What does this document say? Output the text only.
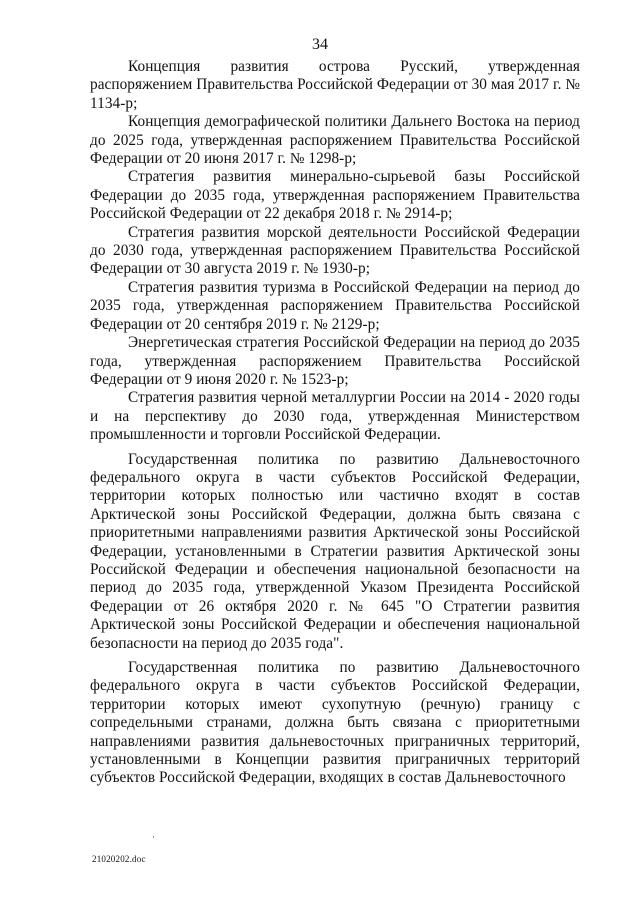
34

Концепция развития острова Русский, утвержденная распоряжением Правительства Российской Федерации от 30 мая 2017 г. № 1134-р;

Концепция демографической политики Дальнего Востока на период до 2025 года, утвержденная распоряжением Правительства Российской Федерации от 20 июня 2017 г. № 1298-р;

Стратегия развития минерально-сырьевой базы Российской Федерации до 2035 года, утвержденная распоряжением Правительства Российской Федерации от 22 декабря 2018 г. № 2914-р;

Стратегия развития морской деятельности Российской Федерации до 2030 года, утвержденная распоряжением Правительства Российской Федерации от 30 августа 2019 г. № 1930-р;

Стратегия развития туризма в Российской Федерации на период до 2035 года, утвержденная распоряжением Правительства Российской Федерации от 20 сентября 2019 г. № 2129-р;

Энергетическая стратегия Российской Федерации на период до 2035 года, утвержденная распоряжением Правительства Российской Федерации от 9 июня 2020 г. № 1523-р;

Стратегия развития черной металлургии России на 2014 - 2020 годы и на перспективу до 2030 года, утвержденная Министерством промышленности и торговли Российской Федерации.

Государственная политика по развитию Дальневосточного федерального округа в части субъектов Российской Федерации, территории которых полностью или частично входят в состав Арктической зоны Российской Федерации, должна быть связана с приоритетными направлениями развития Арктической зоны Российской Федерации, установленными в Стратегии развития Арктической зоны Российской Федерации и обеспечения национальной безопасности на период до 2035 года, утвержденной Указом Президента Российской Федерации от 26 октября 2020 г. № 645 "О Стратегии развития Арктической зоны Российской Федерации и обеспечения национальной безопасности на период до 2035 года".

Государственная политика по развитию Дальневосточного федерального округа в части субъектов Российской Федерации, территории которых имеют сухопутную (речную) границу с сопредельными странами, должна быть связана с приоритетными направлениями развития дальневосточных приграничных территорий, установленными в Концепции развития приграничных территорий субъектов Российской Федерации, входящих в состав Дальневосточного

·
21020202.doc
